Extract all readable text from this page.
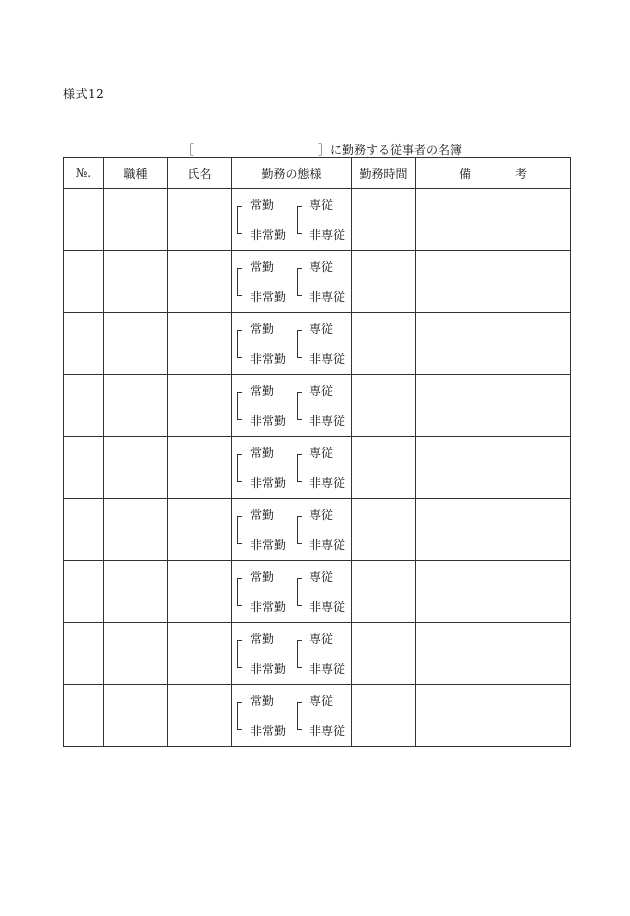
様式12
［	］ に勤務する従事者の名簿
№.	職種	氏名	勤務の態様	勤務時間	備 考

			常勤
非常勤
専従
非専従		

			常勤
非常勤
専従
非専従		

			常勤
非常勤
専従
非専従		

			常勤
非常勤
専従
非専従		

			常勤
非常勤
専従
非専従		

			常勤
非常勤
専従
非専従		

			常勤
非常勤
専従
非専従		

			常勤
非常勤
専従
非専従		

			常勤
非常勤
専従
非専従		
